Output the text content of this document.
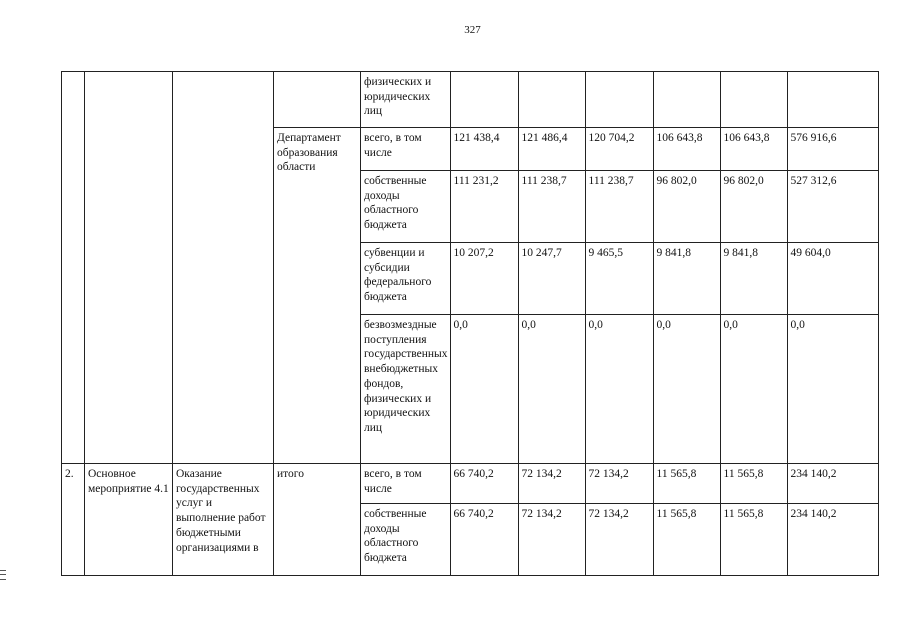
327
				физических и юридических лиц						
			Департамент образования области	всего, в том числе	121 438,4	121 486,4	120 704,2	106 643,8	106 643,8	576 916,6
				собственные доходы областного бюджета	111 231,2	111 238,7	111 238,7	96 802,0	96 802,0	527 312,6
				субвенции и субсидии федерального бюджета	10 207,2	10 247,7	9 465,5	9 841,8	9 841,8	49 604,0
				безвозмездные поступления государственных внебюджетных фондов, физических и юридических лиц	0,0	0,0	0,0	0,0	0,0	0,0
2.	Основное мероприятие 4.1	Оказание государственных услуг и выполнение работ бюджетными организациями в	итого	всего, в том числе	66 740,2	72 134,2	72 134,2	11 565,8	11 565,8	234 140,2
				собственные доходы областного бюджета	66 740,2	72 134,2	72 134,2	11 565,8	11 565,8	234 140,2
